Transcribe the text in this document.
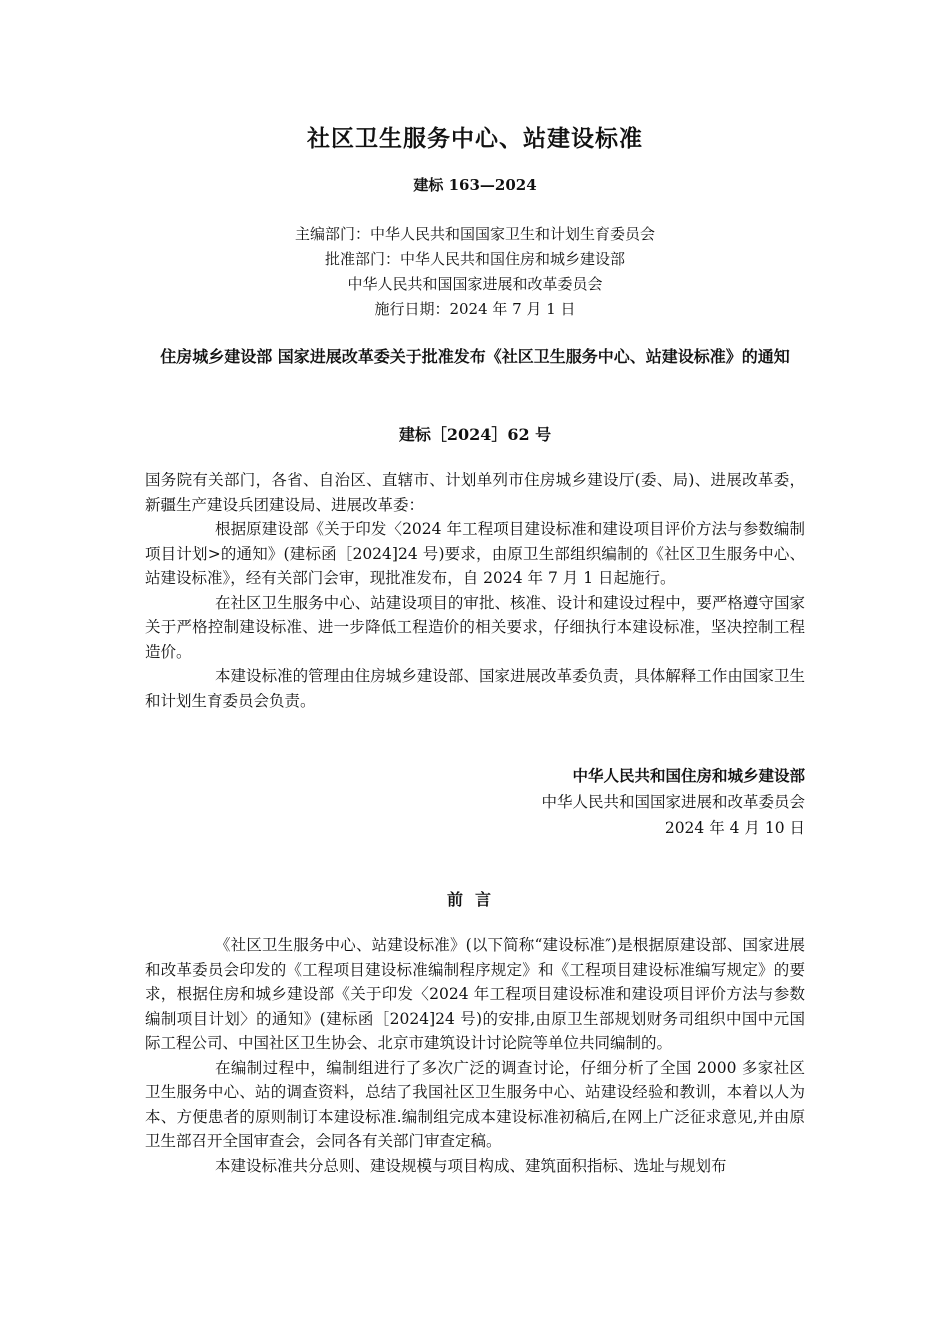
社区卫生服务中心、站建设标准
建标 163—2024
主编部门：中华人民共和国国家卫生和计划生育委员会
批准部门：中华人民共和国住房和城乡建设部
中华人民共和国国家进展和改革委员会
施行日期：2024 年 7 月 1 日
住房城乡建设部 国家进展改革委关于批准发布《社区卫生服务中心、站建设标准》的通知
建标［2024］62 号

国务院有关部门，各省、自治区、直辖市、计划单列市住房城乡建设厅(委、局)、进展改革委，新疆生产建设兵团建设局、进展改革委：

根据原建设部《关于印发〈2024 年工程项目建设标准和建设项目评价方法与参数编制项目计划>的通知》(建标函［2024]24 号)要求，由原卫生部组织编制的《社区卫生服务中心、站建设标准》，经有关部门会审，现批准发布，自 2024 年 7 月 1 日起施行。

在社区卫生服务中心、站建设项目的审批、核准、设计和建设过程中，要严格遵守国家关于严格控制建设标准、进一步降低工程造价的相关要求，仔细执行本建设标准，坚决控制工程造价。

本建设标准的管理由住房城乡建设部、国家进展改革委负责，具体解释工作由国家卫生和计划生育委员会负责。

中华人民共和国住房和城乡建设部
中华人民共和国国家进展和改革委员会
2024 年 4 月 10 日
前言

《社区卫生服务中心、站建设标准》(以下简称“建设标准″)是根据原建设部、国家进展和改革委员会印发的《工程项目建设标准编制程序规定》和《工程项目建设标准编写规定》的要求，根据住房和城乡建设部《关于印发〈2024 年工程项目建设标准和建设项目评价方法与参数编制项目计划〉的通知》(建标函［2024]24 号)的安排,由原卫生部规划财务司组织中国中元国际工程公司、中国社区卫生协会、北京市建筑设计讨论院等单位共同编制的。

在编制过程中，编制组进行了多次广泛的调查讨论，仔细分析了全国 2000 多家社区卫生服务中心、站的调查资料，总结了我国社区卫生服务中心、站建设经验和教训，本着以人为本、方便患者的原则制订本建设标准.编制组完成本建设标准初稿后,在网上广泛征求意见,并由原卫生部召开全国审查会，会同各有关部门审查定稿。

本建设标准共分总则、建设规模与项目构成、建筑面积指标、选址与规划布
